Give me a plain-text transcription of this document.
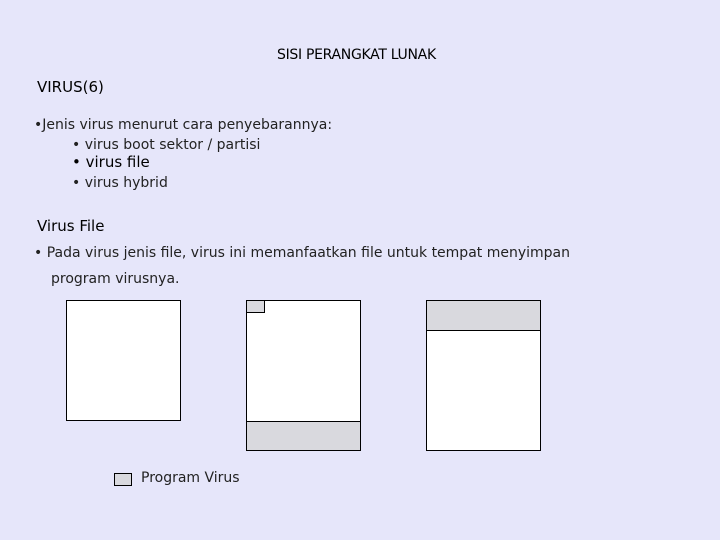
SISI PERANGKAT LUNAK
VIRUS(6)
•Jenis virus menurut cara penyebarannya:
• virus boot sektor / partisi
• virus file
• virus hybrid
Virus File
• Pada virus jenis file, virus ini memanfaatkan file untuk tempat menyimpan
program virusnya.
Program Virus
